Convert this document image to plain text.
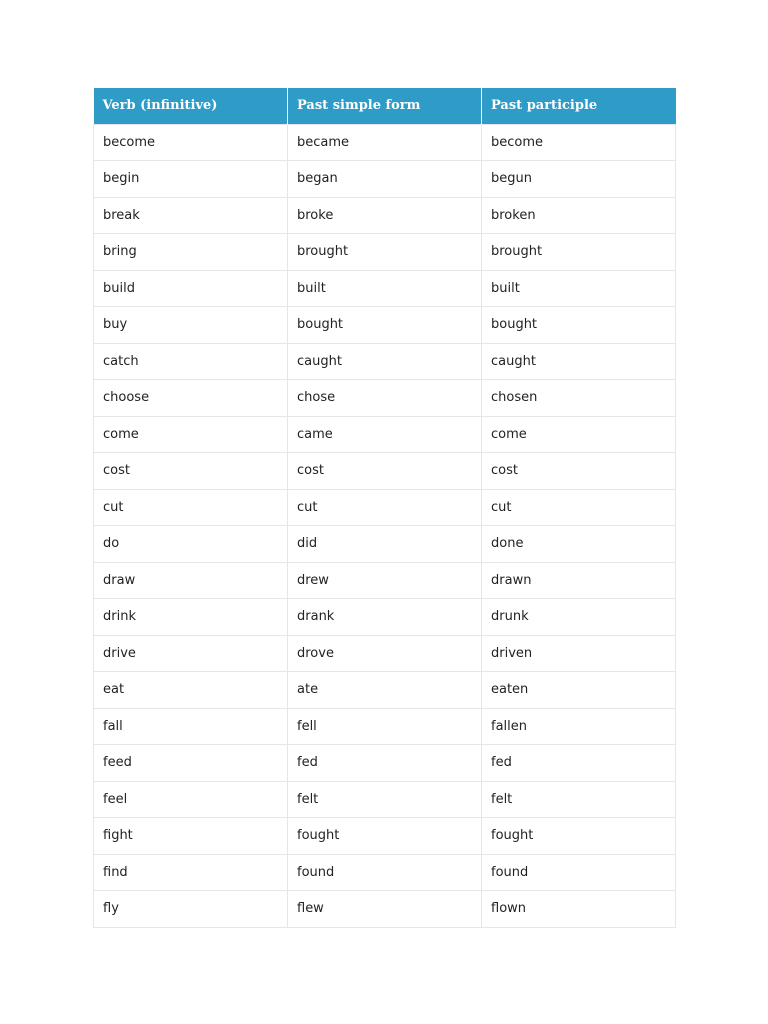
Verb (infinitive)	Past simple form	Past participle
become	became	become
begin	began	begun
break	broke	broken
bring	brought	brought
build	built	built
buy	bought	bought
catch	caught	caught
choose	chose	chosen
come	came	come
cost	cost	cost
cut	cut	cut
do	did	done
draw	drew	drawn
drink	drank	drunk
drive	drove	driven
eat	ate	eaten
fall	fell	fallen
feed	fed	fed
feel	felt	felt
fight	fought	fought
find	found	found
fly	flew	flown
